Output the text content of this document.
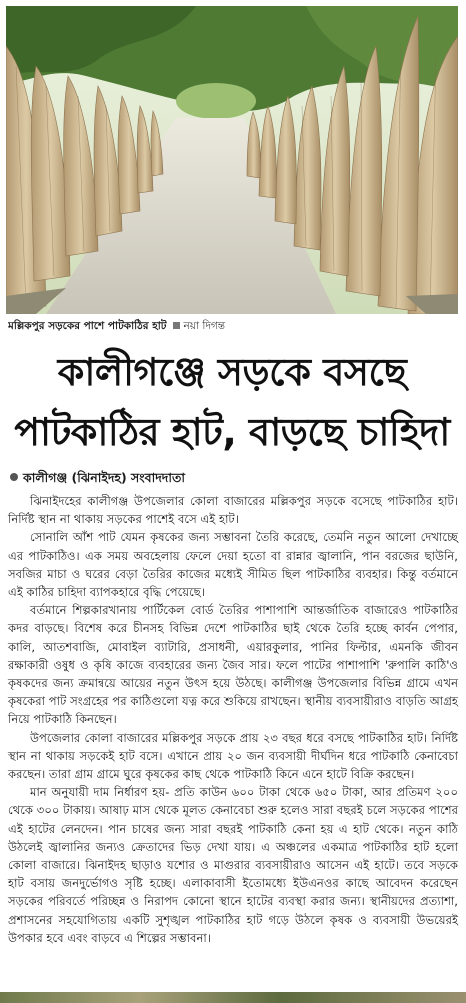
মল্লিকপুর সড়কের পাশে পাটকাঠির হাট নয়া দিগন্ত
কালীগঞ্জে সড়কে বসছে
পাটকাঠির হাট, বাড়ছে চাহিদা
কালীগঞ্জ (ঝিনাইদহ) সংবাদদাতা

ঝিনাইদহের কালীগঞ্জ উপজেলার কোলা বাজারের মল্লিকপুর সড়কে বসেছে পাটকাঠির হাট। নির্দিষ্ট স্থান না থাকায় সড়কের পাশেই বসে এই হাট।

সোনালি আঁশ পাট যেমন কৃষকের জন্য সম্ভাবনা তৈরি করেছে, তেমনি নতুন আলো দেখাচ্ছে এর পাটকাঠিও। এক সময় অবহেলায় ফেলে দেয়া হতো বা রান্নার জ্বালানি, পান বরজের ছাউনি, সবজির মাচা ও ঘরের বেড়া তৈরির কাজের মধ্যেই সীমিত ছিল পাটকাঠির ব্যবহার। কিন্তু বর্তমানে এই কাঠির চাহিদা ব্যাপকহারে বৃদ্ধি পেয়েছে।

বর্তমানে শিল্পকারখানায় পার্টিকেল বোর্ড তৈরির পাশাপাশি আন্তর্জাতিক বাজারেও পাটকাঠির কদর বাড়ছে। বিশেষ করে চীনসহ বিভিন্ন দেশে পাটকাঠির ছাই থেকে তৈরি হচ্ছে কার্বন পেপার, কালি, আতশবাজি, মোবাইল ব্যাটারি, প্রসাধনী, এয়ারকুলার, পানির ফিল্টার, এমনকি জীবন রক্ষাকারী ওষুধ ও কৃষি কাজে ব্যবহারের জন্য জৈব সার। ফলে পাটের পাশাপাশি 'রুপালি কাঠি'ও কৃষকদের জন্য ক্রমান্বয়ে আয়ের নতুন উৎস হয়ে উঠছে। কালীগঞ্জ উপজেলার বিভিন্ন গ্রামে এখন কৃষকেরা পাট সংগ্রহের পর কাঠিগুলো যত্ন করে শুকিয়ে রাখছেন। স্থানীয় ব্যবসায়ীরাও বাড়তি আগ্রহ নিয়ে পাটকাঠি কিনছেন।

উপজেলার কোলা বাজারের মল্লিকপুর সড়কে প্রায় ২৩ বছর ধরে বসছে পাটকাঠির হাট। নির্দিষ্ট স্থান না থাকায় সড়কেই হাট বসে। এখানে প্রায় ২০ জন ব্যবসায়ী দীর্ঘদিন ধরে পাটকাঠি কেনাবেচা করছেন। তারা গ্রাম গ্রামে ঘুরে কৃষকের কাছ থেকে পাটকাঠি কিনে এনে হাটে বিক্রি করছেন।

মান অনুযায়ী দাম নির্ধারণ হয়- প্রতি কাউন ৬০০ টাকা থেকে ৬৫০ টাকা, আর প্রতিমণ ২০০ থেকে ৩০০ টাকায়। আষাঢ় মাস থেকে মূলত কেনাবেচা শুরু হলেও সারা বছরই চলে সড়কের পাশের এই হাটের লেনদেন। পান চাষের জন্য সারা বছরই পাটকাঠি কেনা হয় এ হাট থেকে। নতুন কাঠি উঠলেই জ্বালানির জন্যও ক্রেতাদের ভিড় দেখা যায়। এ অঞ্চলের একমাত্র পাটকাঠির হাট হলো কোলা বাজারে। ঝিনাইদহ ছাড়াও যশোর ও মাগুরার ব্যবসায়ীরাও আসেন এই হাটে। তবে সড়কে হাট বসায় জনদুর্ভোগও সৃষ্টি হচ্ছে। এলাকাবাসী ইতোমধ্যে ইউএনওর কাছে আবেদন করেছেন সড়কের পরিবর্তে পরিচ্ছন্ন ও নিরাপদ কোনো স্থানে হাটের ব্যবস্থা করার জন্য। স্থানীয়দের প্রত্যাশা, প্রশাসনের সহযোগিতায় একটি সুশৃঙ্খল পাটকাঠির হাট গড়ে উঠলে কৃষক ও ব্যবসায়ী উভয়েরই উপকার হবে এবং বাড়বে এ শিল্পের সম্ভাবনা।
